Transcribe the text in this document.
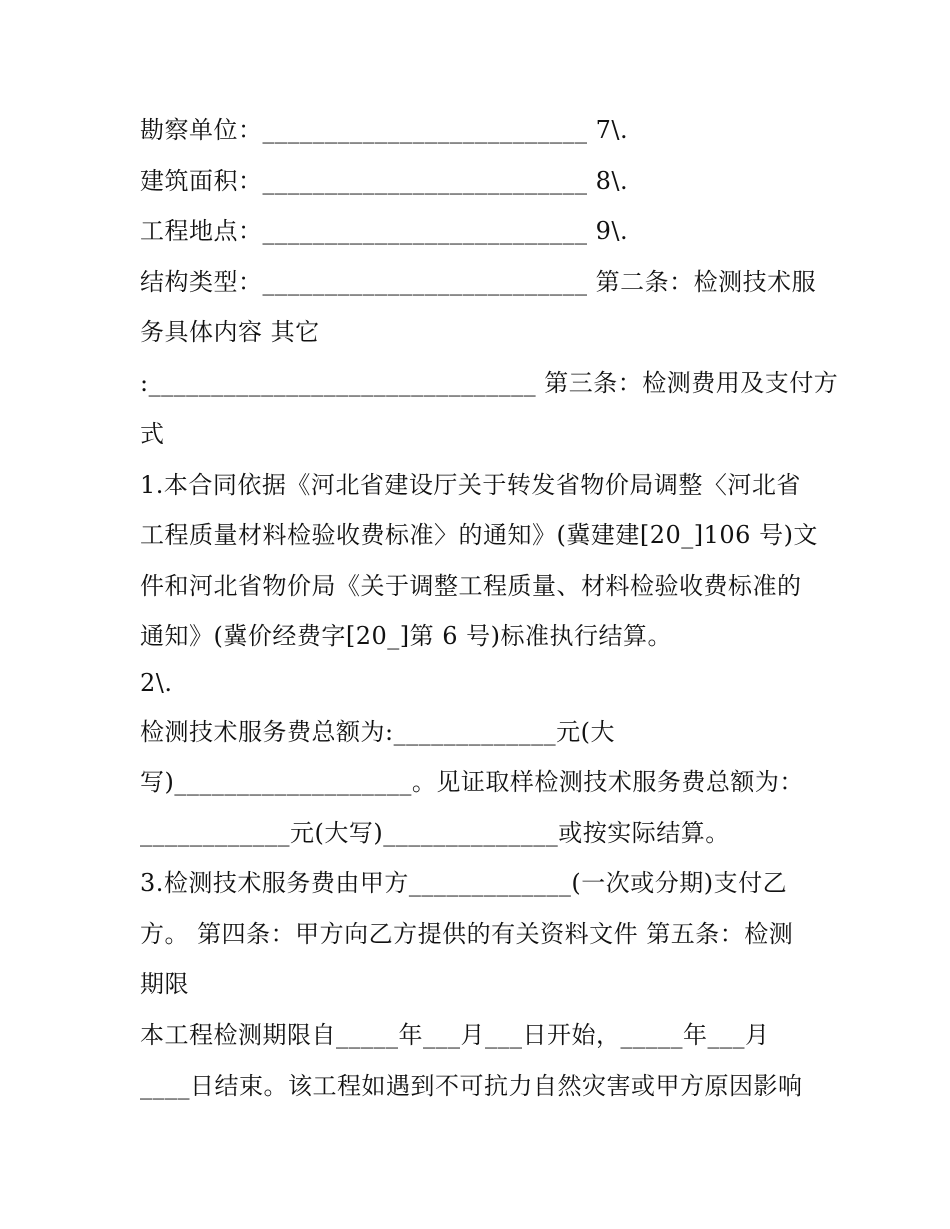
勘察单位：__________________________ 7\.
建筑面积：__________________________ 8\.
工程地点：__________________________ 9\.
结构类型：__________________________ 第二条：检测技术服
务具体内容 其它
:_______________________________ 第三条：检测费用及支付方
式
1.本合同依据《河北省建设厅关于转发省物价局调整〈河北省
工程质量材料检验收费标准〉的通知》(冀建建[20_]106 号)文
件和河北省物价局《关于调整工程质量、材料检验收费标准的
通知》(冀价经费字[20_]第 6 号)标准执行结算。
2\.
检测技术服务费总额为:_____________元(大
写)___________________。见证取样检测技术服务费总额为：
____________元(大写)______________或按实际结算。
3.检测技术服务费由甲方_____________(一次或分期)支付乙
方。 第四条：甲方向乙方提供的有关资料文件 第五条：检测
期限
本工程检测期限自_____年___月___日开始，_____年___月
____日结束。该工程如遇到不可抗力自然灾害或甲方原因影响
